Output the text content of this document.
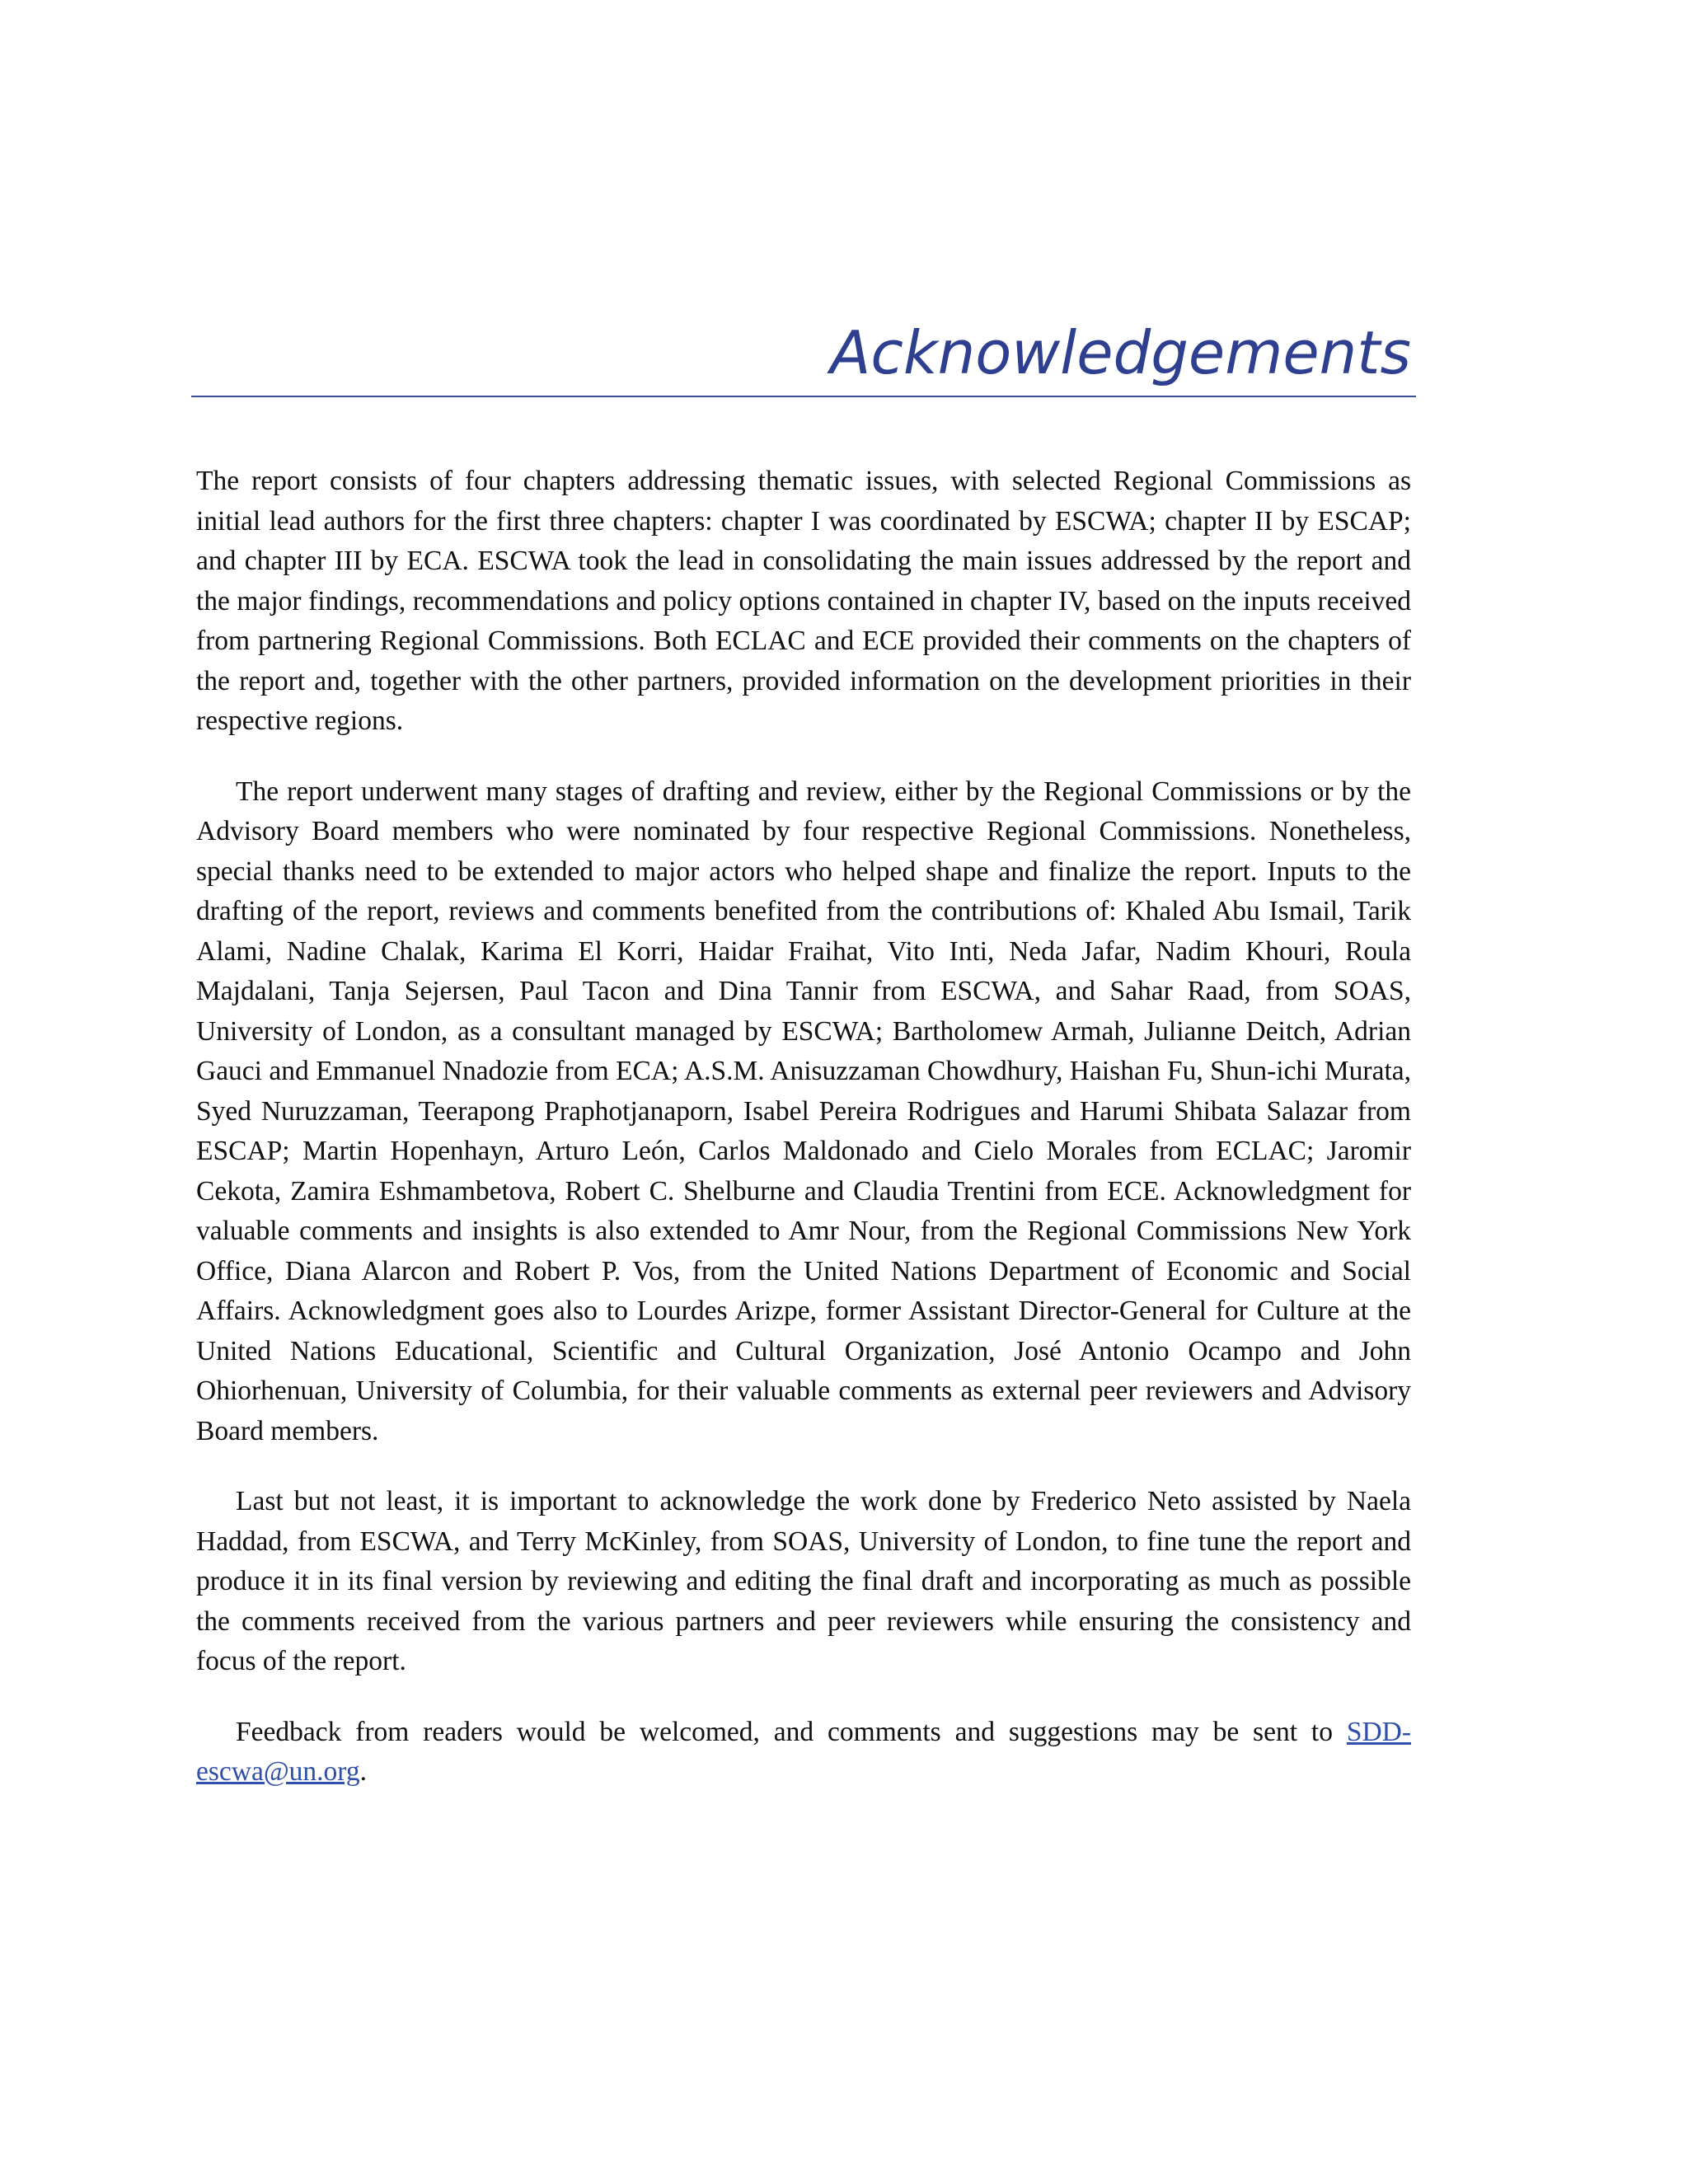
Acknowledgements

The report consists of four chapters addressing thematic issues, with selected Regional Commissions as initial lead authors for the first three chapters: chapter I was coordinated by ESCWA; chapter II by ESCAP; and chapter III by ECA. ESCWA took the lead in consolidating the main issues addressed by the report and the major findings, recommendations and policy options contained in chapter IV, based on the inputs received from partnering Regional Commissions. Both ECLAC and ECE provided their comments on the chapters of the report and, together with the other partners, provided information on the development priorities in their respective regions.

The report underwent many stages of drafting and review, either by the Regional Commissions or by the Advisory Board members who were nominated by four respective Regional Commissions. Nonetheless, special thanks need to be extended to major actors who helped shape and finalize the report. Inputs to the drafting of the report, reviews and comments benefited from the contributions of: Khaled Abu Ismail, Tarik Alami, Nadine Chalak, Karima El Korri, Haidar Fraihat, Vito Inti, Neda Jafar, Nadim Khouri, Roula Majdalani, Tanja Sejersen, Paul Tacon and Dina Tannir from ESCWA, and Sahar Raad, from SOAS, University of London, as a consultant managed by ESCWA; Bartholomew Armah, Julianne Deitch, Adrian Gauci and Emmanuel Nnadozie from ECA; A.S.M. Anisuzzaman Chowdhury, Haishan Fu, Shun-ichi Murata, Syed Nuruzzaman, Teerapong Praphotjanaporn, Isabel Pereira Rodrigues and Harumi Shibata Salazar from ESCAP; Martin Hopenhayn, Arturo León, Carlos Maldonado and Cielo Morales from ECLAC; Jaromir Cekota, Zamira Eshmambetova, Robert C. Shelburne and Claudia Trentini from ECE. Acknowledgment for valuable comments and insights is also extended to Amr Nour, from the Regional Commissions New York Office, Diana Alarcon and Robert P. Vos, from the United Nations Department of Economic and Social Affairs. Acknowledgment goes also to Lourdes Arizpe, former Assistant Director-General for Culture at the United Nations Educational, Scientific and Cultural Organization, José Antonio Ocampo and John Ohiorhenuan, University of Columbia, for their valuable comments as external peer reviewers and Advisory Board members.

Last but not least, it is important to acknowledge the work done by Frederico Neto assisted by Naela Haddad, from ESCWA, and Terry McKinley, from SOAS, University of London, to fine tune the report and produce it in its final version by reviewing and editing the final draft and incorporating as much as possible the comments received from the various partners and peer reviewers while ensuring the consistency and focus of the report.

Feedback from readers would be welcomed, and comments and suggestions may be sent to SDD-escwa@un.org.
